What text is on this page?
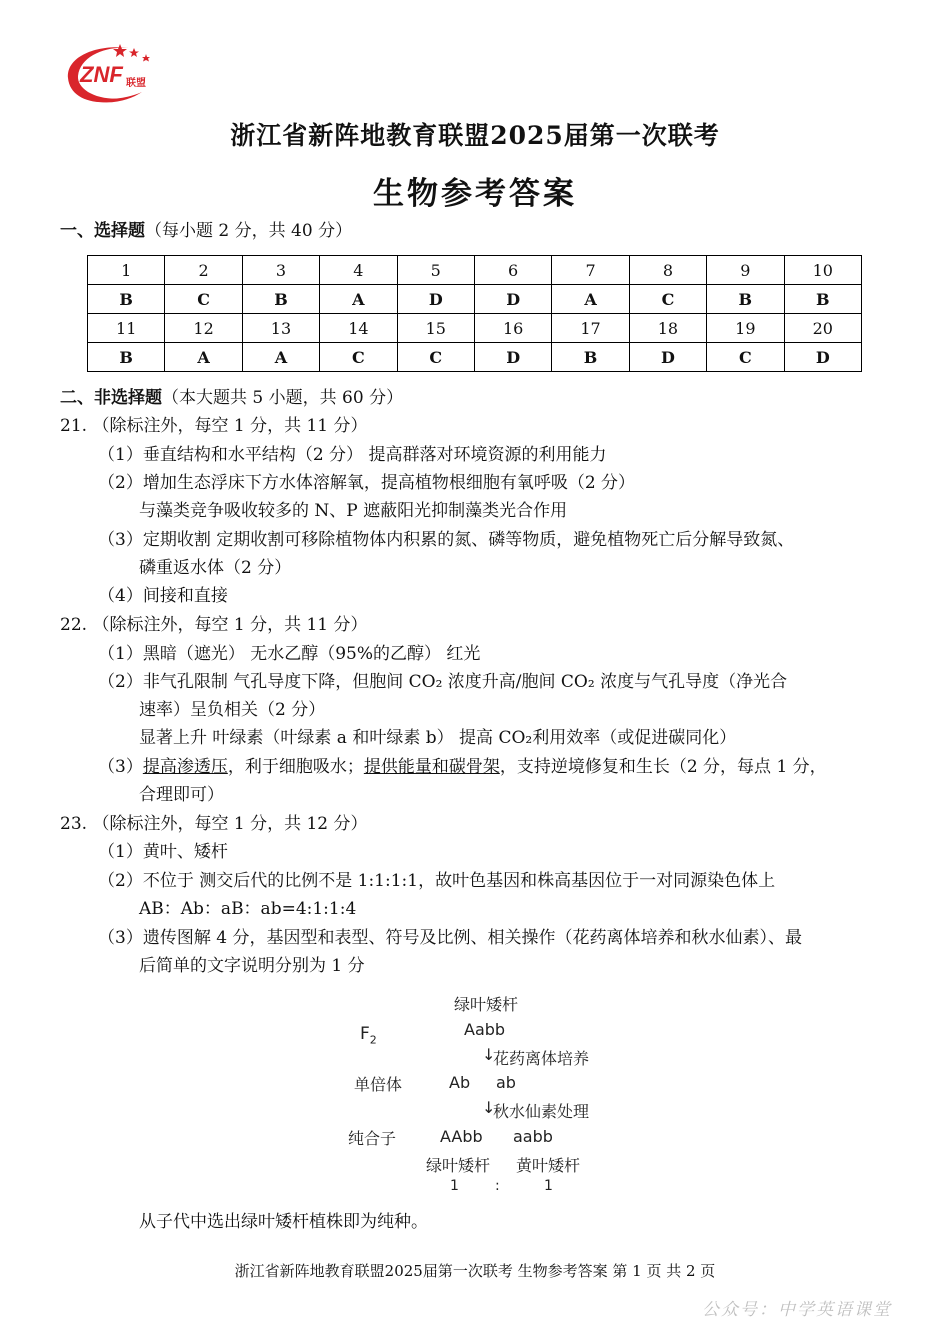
ZNF 联盟
浙江省新阵地教育联盟2025届第一次联考
生物参考答案
一、选择题（每小题 2 分，共 40 分）
1	2	3	4	5	6	7	8	9	10
B	C	B	A	D	D	A	C	B	B
11	12	13	14	15	16	17	18	19	20
B	A	A	C	C	D	B	D	C	D
二、非选择题（本大题共 5 小题，共 60 分）
21. （除标注外，每空 1 分，共 11 分）
（1）垂直结构和水平结构（2 分） 提高群落对环境资源的利用能力
（2）增加生态浮床下方水体溶解氧，提高植物根细胞有氧呼吸（2 分）
与藻类竞争吸收较多的 N、P 遮蔽阳光抑制藻类光合作用
（3）定期收割 定期收割可移除植物体内积累的氮、磷等物质，避免植物死亡后分解导致氮、
磷重返水体（2 分）
（4）间接和直接
22. （除标注外，每空 1 分，共 11 分）
（1）黑暗（遮光） 无水乙醇（95%的乙醇） 红光
（2）非气孔限制 气孔导度下降，但胞间 CO₂ 浓度升高/胞间 CO₂ 浓度与气孔导度（净光合
速率）呈负相关（2 分）
显著上升 叶绿素（叶绿素 a 和叶绿素 b） 提高 CO₂利用效率（或促进碳同化）
（3）提高渗透压，利于细胞吸水；提供能量和碳骨架，支持逆境修复和生长（2 分，每点 1 分，
合理即可）
23. （除标注外，每空 1 分，共 12 分）
（1）黄叶、矮杆
（2）不位于 测交后代的比例不是 1:1:1:1，故叶色基因和株高基因位于一对同源染色体上
AB：Ab：aB：ab=4:1:1:4
（3）遗传图解 4 分，基因型和表型、符号及比例、相关操作（花药离体培养和秋水仙素）、最
后简单的文字说明分别为 1 分
绿叶矮杆
$F_2$
Aabb
↓
花药离体培养
单倍体	Ab ab
↓
秋水仙素处理
纯合子	AAbb aabb
绿叶矮杆 黄叶矮杆
1	:	1
从子代中选出绿叶矮杆植株即为纯种。
浙江省新阵地教育联盟2025届第一次联考 生物参考答案 第 1 页 共 2 页
公众号：中学英语课堂
